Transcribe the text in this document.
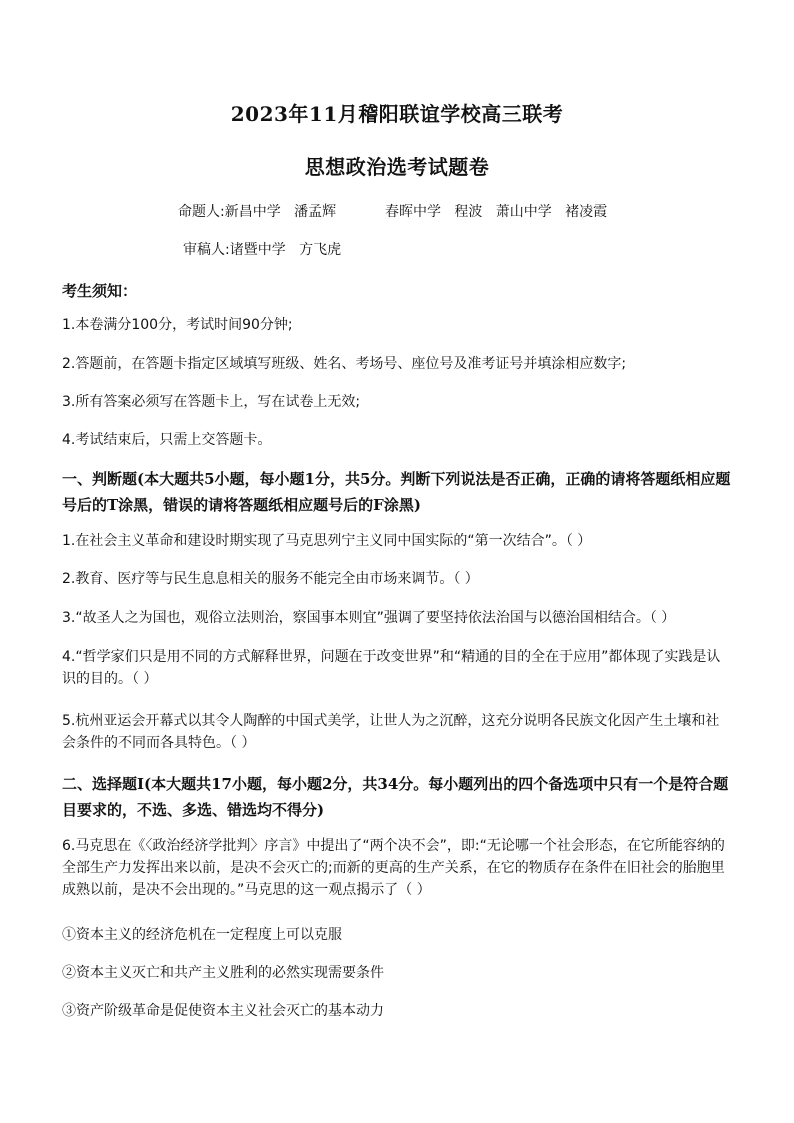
2023年11月稽阳联谊学校高三联考
思想政治选考试题卷
命题人:新昌中学   潘孟辉           春晖中学   程波   萧山中学   褚凌霞
审稿人:诸暨中学   方飞虎
考生须知：
1.本卷满分100分，考试时间90分钟;
2.答题前，在答题卡指定区域填写班级、姓名、考场号、座位号及准考证号并填涂相应数字;
3.所有答案必须写在答题卡上，写在试卷上无效;
4.考试结束后，只需上交答题卡。
一、判断题(本大题共5小题，每小题1分，共5分。判断下列说法是否正确，正确的请将答题纸相应题号后的T涂黑，错误的请将答题纸相应题号后的F涂黑)
1.在社会主义革命和建设时期实现了马克思列宁主义同中国实际的“第一次结合”。（ ）
2.教育、医疗等与民生息息相关的服务不能完全由市场来调节。（ ）
3.“故圣人之为国也，观俗立法则治，察国事本则宜”强调了要坚持依法治国与以德治国相结合。（ ）
4.“哲学家们只是用不同的方式解释世界，问题在于改变世界”和“精通的目的全在于应用”都体现了实践是认识的目的。（ ）
5.杭州亚运会开幕式以其令人陶醉的中国式美学，让世人为之沉醉，这充分说明各民族文化因产生土壤和社会条件的不同而各具特色。（ ）
二、选择题Ⅰ(本大题共17小题，每小题2分，共34分。每小题列出的四个备选项中只有一个是符合题目要求的，不选、多选、错选均不得分)
6.马克思在《〈政治经济学批判〉序言》中提出了“两个决不会”，即:“无论哪一个社会形态，在它所能容纳的全部生产力发挥出来以前，是决不会灭亡的;而新的更高的生产关系，在它的物质存在条件在旧社会的胎胞里成熟以前，是决不会出现的。”马克思的这一观点揭示了（ ）
①资本主义的经济危机在一定程度上可以克服
②资本主义灭亡和共产主义胜利的必然实现需要条件
③资产阶级革命是促使资本主义社会灭亡的基本动力
